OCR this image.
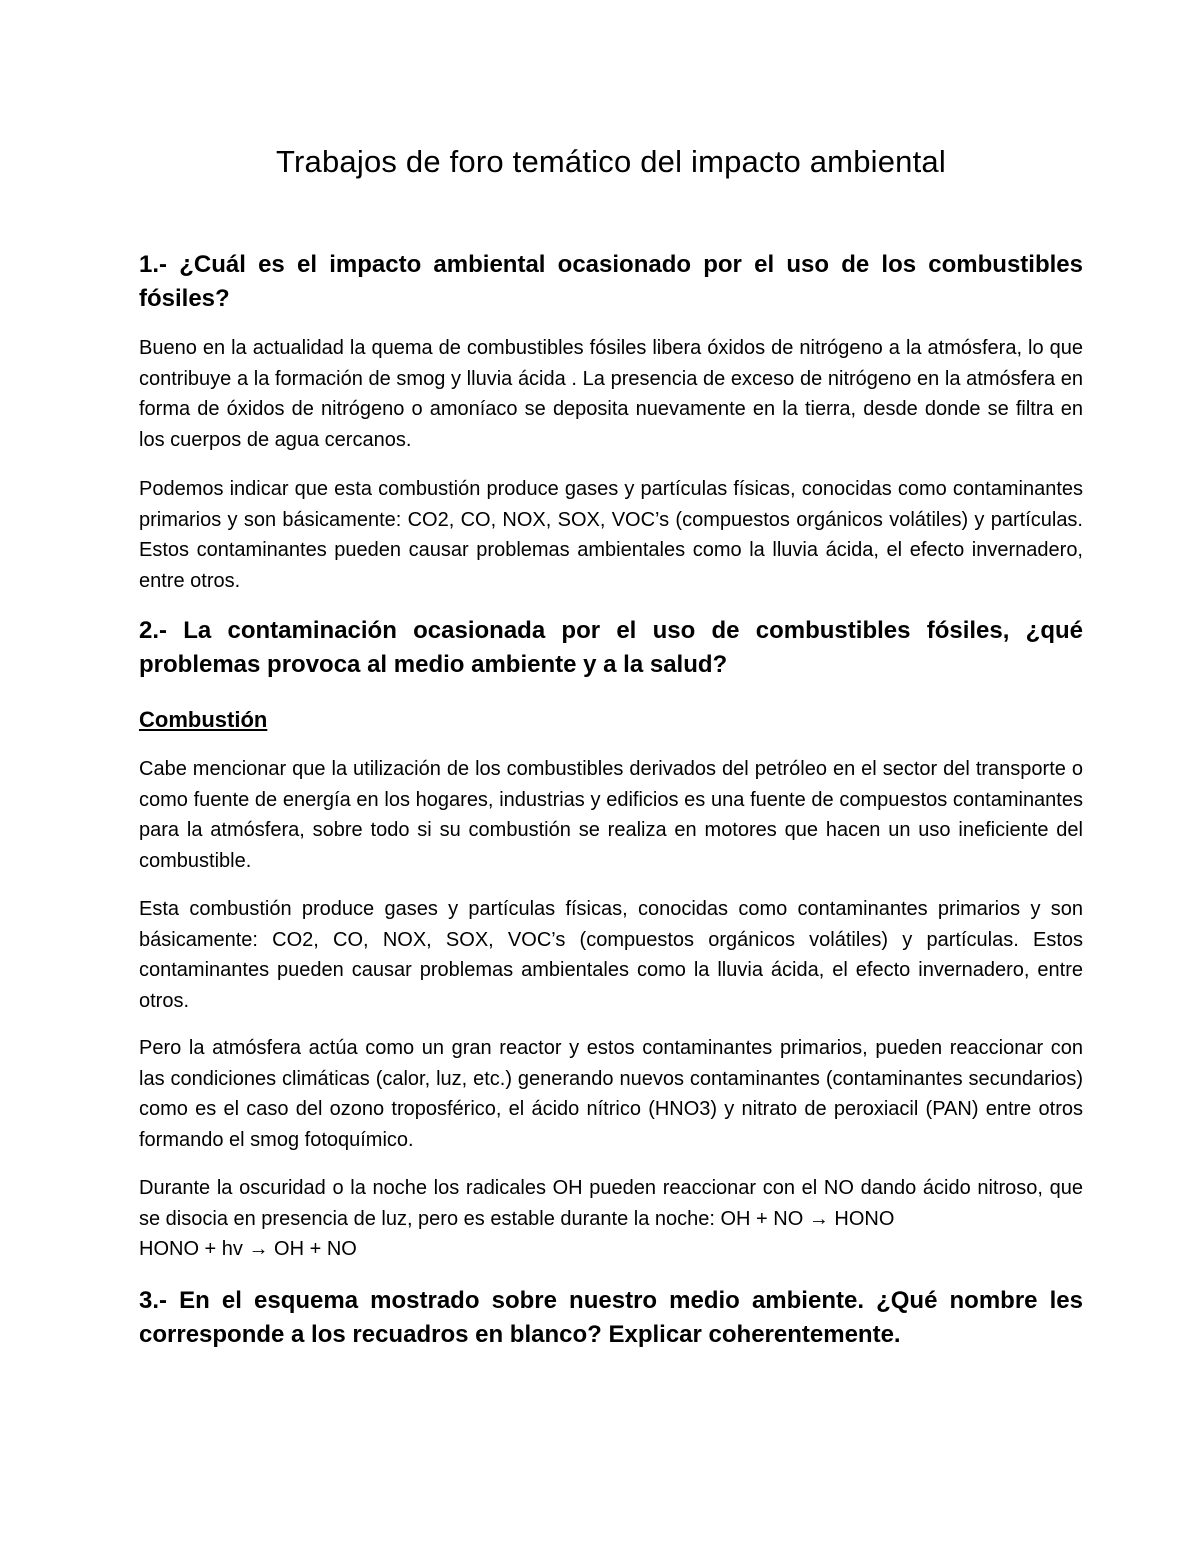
Trabajos de foro temático del impacto ambiental
1.- ¿Cuál es el impacto ambiental ocasionado por el uso de los combustibles fósiles?

Bueno en la actualidad la quema de combustibles fósiles libera óxidos de nitrógeno a la atmósfera, lo que contribuye a la formación de smog y lluvia ácida . La presencia de exceso de nitrógeno en la atmósfera en forma de óxidos de nitrógeno o amoníaco se deposita nuevamente en la tierra, desde donde se filtra en los cuerpos de agua cercanos.

Podemos indicar que esta combustión produce gases y partículas físicas, conocidas como contaminantes primarios y son básicamente: CO2, CO, NOX, SOX, VOC’s (compuestos orgánicos volátiles) y partículas. Estos contaminantes pueden causar problemas ambientales como la lluvia ácida, el efecto invernadero, entre otros.

2.- La contaminación ocasionada por el uso de combustibles fósiles, ¿qué problemas provoca al medio ambiente y a la salud?
Combustión

Cabe mencionar que la utilización de los combustibles derivados del petróleo en el sector del transporte o como fuente de energía en los hogares, industrias y edificios es una fuente de compuestos contaminantes para la atmósfera, sobre todo si su combustión se realiza en motores que hacen un uso ineficiente del combustible.

Esta combustión produce gases y partículas físicas, conocidas como contaminantes primarios y son básicamente: CO2, CO, NOX, SOX, VOC’s (compuestos orgánicos volátiles) y partículas. Estos contaminantes pueden causar problemas ambientales como la lluvia ácida, el efecto invernadero, entre otros.

Pero la atmósfera actúa como un gran reactor y estos contaminantes primarios, pueden reaccionar con las condiciones climáticas (calor, luz, etc.) generando nuevos contaminantes (contaminantes secundarios) como es el caso del ozono troposférico, el ácido nítrico (HNO3) y nitrato de peroxiacil (PAN) entre otros formando el smog fotoquímico.

Durante la oscuridad o la noche los radicales OH pueden reaccionar con el NO dando ácido nitroso, que se disocia en presencia de luz, pero es estable durante la noche: OH + NO → HONO
HONO + hv → OH + NO

3.- En el esquema mostrado sobre nuestro medio ambiente. ¿Qué nombre les corresponde a los recuadros en blanco? Explicar coherentemente.
